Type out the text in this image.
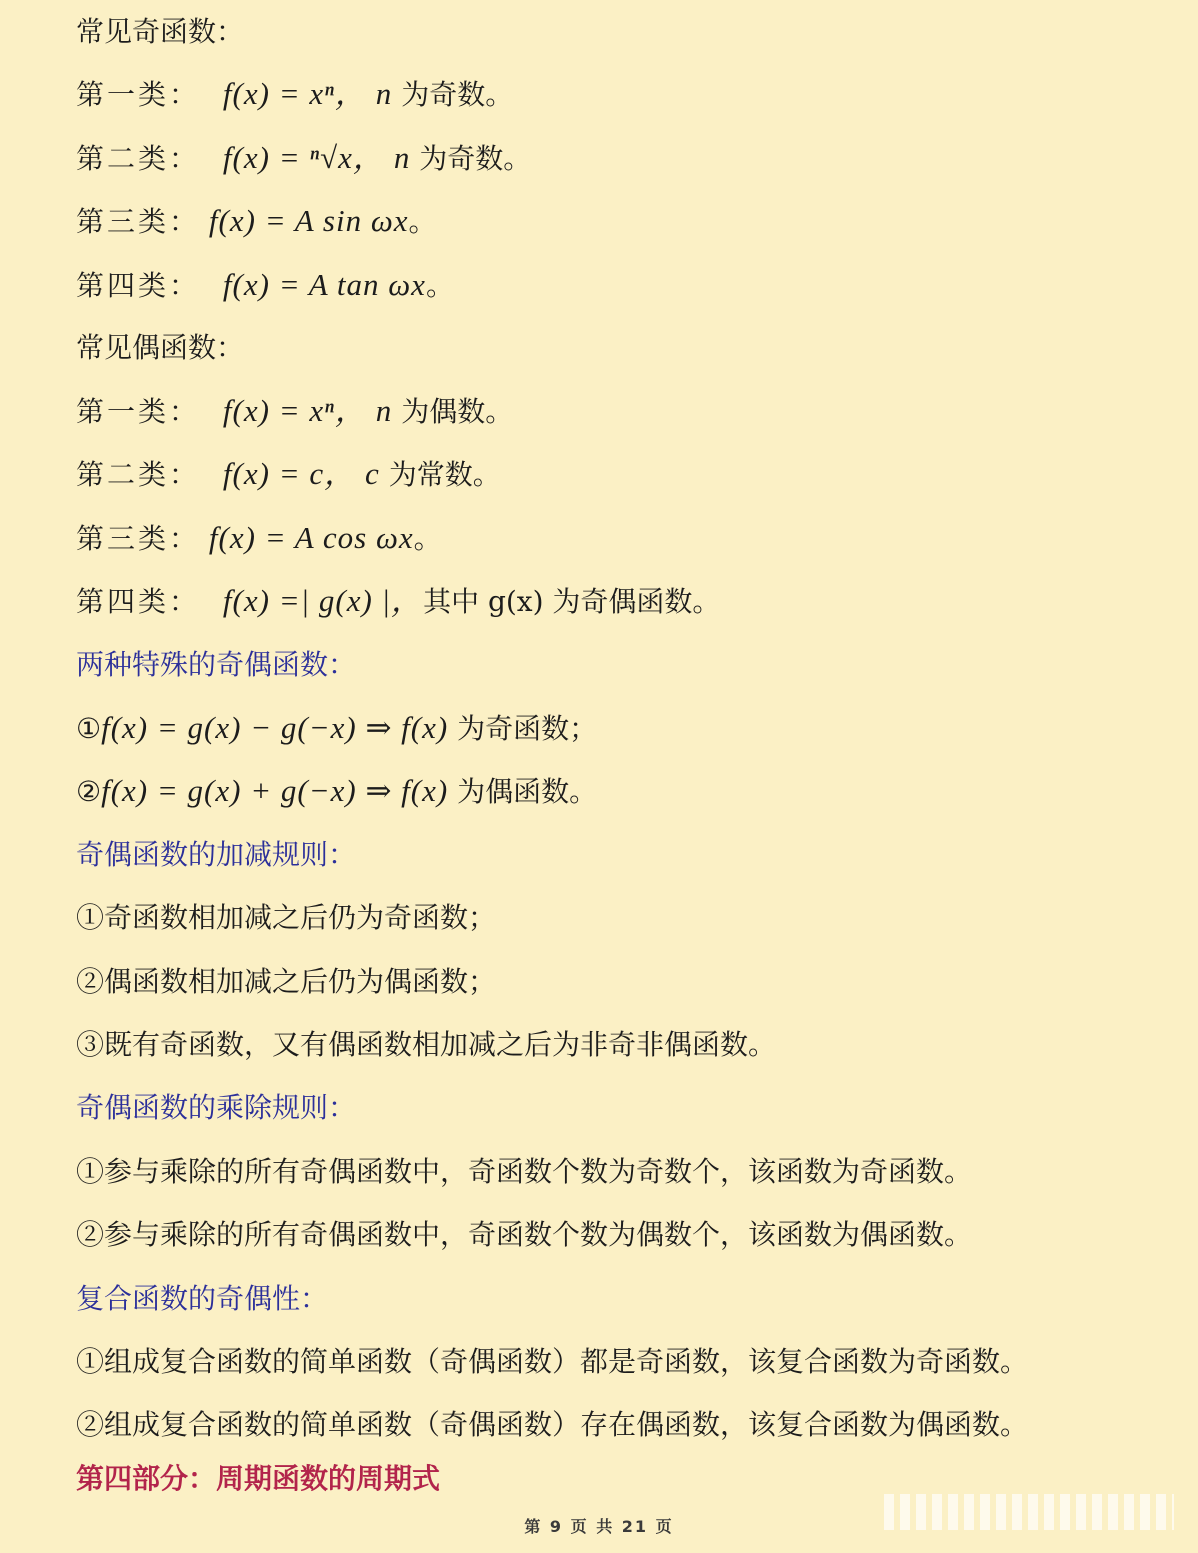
常见奇函数：
第一类： f(x) = xⁿ， n 为奇数。
第二类： f(x) = ⁿ√x， n 为奇数。
第三类： f(x) = A sin ωx。
第四类： f(x) = A tan ωx。
常见偶函数：
第一类： f(x) = xⁿ， n 为偶数。
第二类： f(x) = c， c 为常数。
第三类： f(x) = A cos ωx。
第四类： f(x) =| g(x) |，其中 g(x) 为奇偶函数。
两种特殊的奇偶函数：
①f(x) = g(x) − g(−x) ⇒ f(x) 为奇函数；
②f(x) = g(x) + g(−x) ⇒ f(x) 为偶函数。
奇偶函数的加减规则：
①奇函数相加减之后仍为奇函数；
②偶函数相加减之后仍为偶函数；
③既有奇函数，又有偶函数相加减之后为非奇非偶函数。
奇偶函数的乘除规则：
①参与乘除的所有奇偶函数中，奇函数个数为奇数个，该函数为奇函数。
②参与乘除的所有奇偶函数中，奇函数个数为偶数个，该函数为偶函数。
复合函数的奇偶性：
①组成复合函数的简单函数（奇偶函数）都是奇函数，该复合函数为奇函数。
②组成复合函数的简单函数（奇偶函数）存在偶函数，该复合函数为偶函数。
第四部分：周期函数的周期式
第 9 页 共 21 页
